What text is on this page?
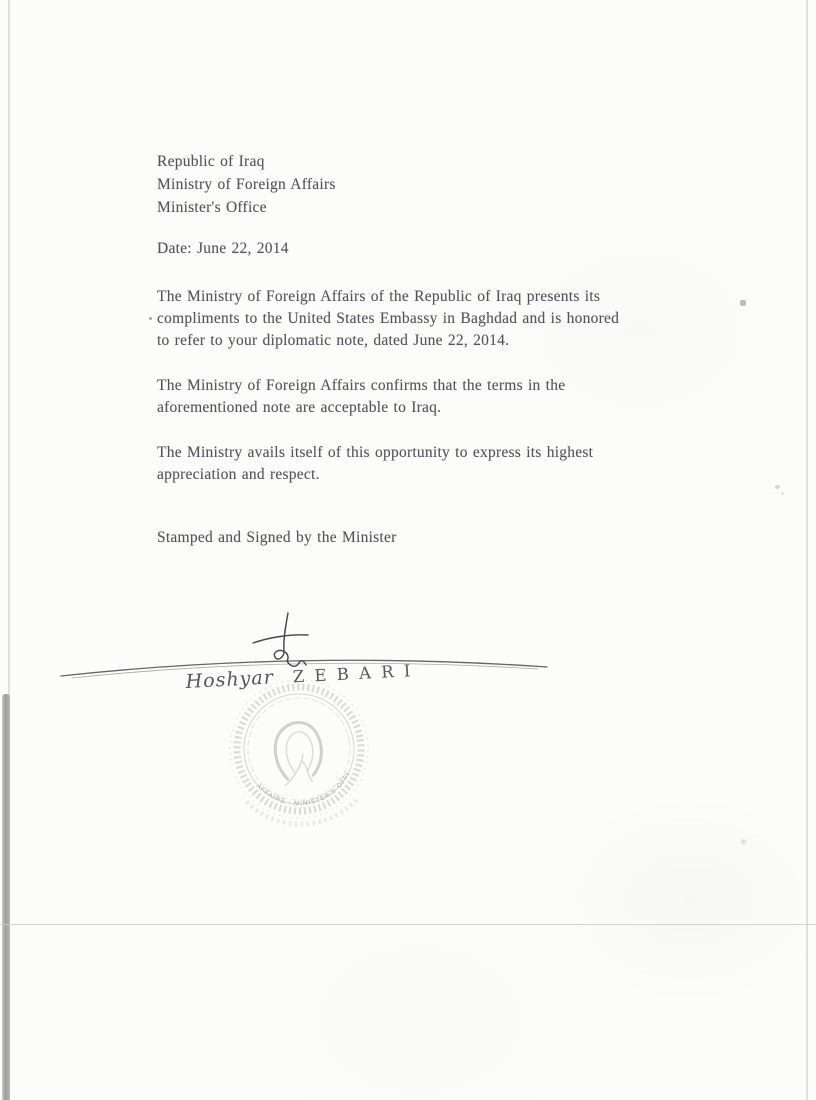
Republic of Iraq
Ministry of Foreign Affairs
Minister's Office
Date: June 22, 2014
The Ministry of Foreign Affairs of the Republic of Iraq presents its
compliments to the United States Embassy in Baghdad and is honored
to refer to your diplomatic note, dated June 22, 2014.
The Ministry of Foreign Affairs confirms that the terms in the
aforementioned note are acceptable to Iraq.
The Ministry avails itself of this opportunity to express its highest
appreciation and respect.
Stamped and Signed by the Minister
Hoshyar Z E B A R I
AFFAIRS - MINISTER'S OFFICE
